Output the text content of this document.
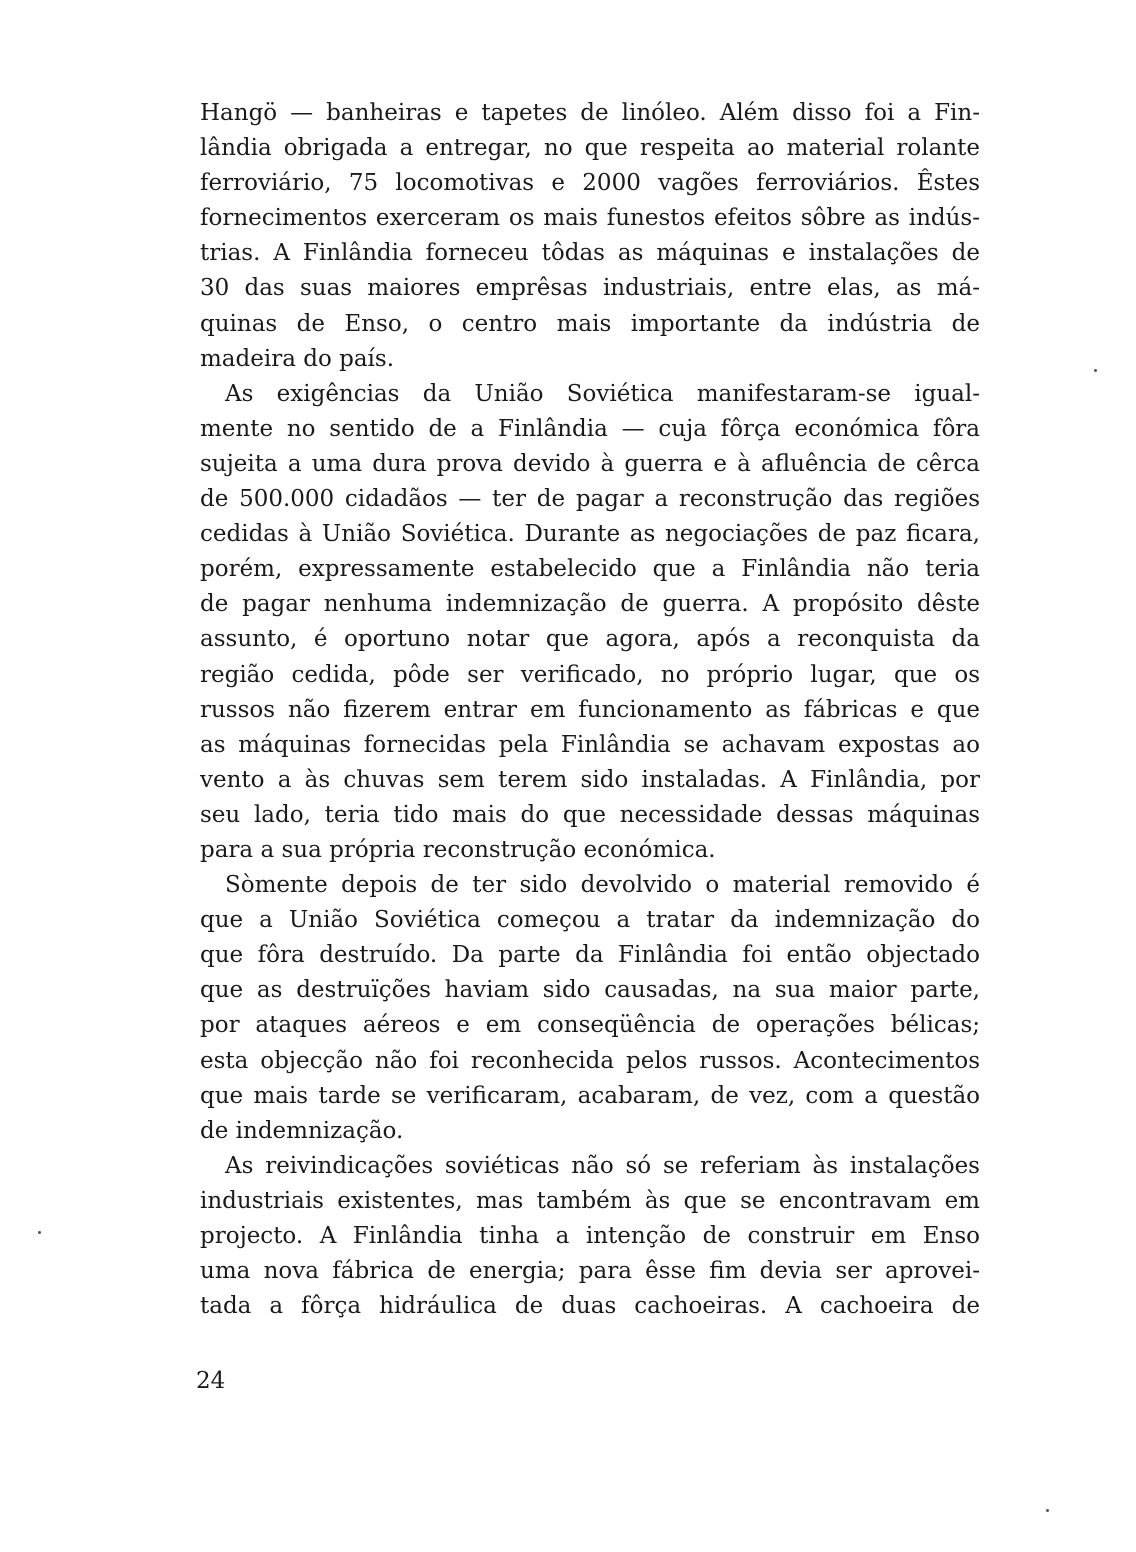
Hangö — banheiras e tapetes de linóleo. Além disso foi a Fin-
lândia obrigada a entregar, no que respeita ao material rolante
ferroviário, 75 locomotivas e 2000 vagões ferroviários. Êstes
fornecimentos exerceram os mais funestos efeitos sôbre as indús-
trias. A Finlândia forneceu tôdas as máquinas e instalações de
30 das suas maiores emprêsas industriais, entre elas, as má-
quinas de Enso, o centro mais importante da indústria de
madeira do país.
As exigências da União Soviética manifestaram-se igual-
mente no sentido de a Finlândia — cuja fôrça económica fôra
sujeita a uma dura prova devido à guerra e à afluência de cêrca
de 500.000 cidadãos — ter de pagar a reconstrução das regiões
cedidas à União Soviética. Durante as negociações de paz ficara,
porém, expressamente estabelecido que a Finlândia não teria
de pagar nenhuma indemnização de guerra. A propósito dêste
assunto, é oportuno notar que agora, após a reconquista da
região cedida, pôde ser verificado, no próprio lugar, que os
russos não fizerem entrar em funcionamento as fábricas e que
as máquinas fornecidas pela Finlândia se achavam expostas ao
vento a às chuvas sem terem sido instaladas. A Finlândia, por
seu lado, teria tido mais do que necessidade dessas máquinas
para a sua própria reconstrução económica.
Sòmente depois de ter sido devolvido o material removido é
que a União Soviética começou a tratar da indemnização do
que fôra destruído. Da parte da Finlândia foi então objectado
que as destruïções haviam sido causadas, na sua maior parte,
por ataques aéreos e em conseqüência de operações bélicas;
esta objecção não foi reconhecida pelos russos. Acontecimentos
que mais tarde se verificaram, acabaram, de vez, com a questão
de indemnização.
As reivindicações soviéticas não só se referiam às instalações
industriais existentes, mas também às que se encontravam em
projecto. A Finlândia tinha a intenção de construir em Enso
uma nova fábrica de energia; para êsse fim devia ser aprovei-
tada a fôrça hidráulica de duas cachoeiras. A cachoeira de
24
